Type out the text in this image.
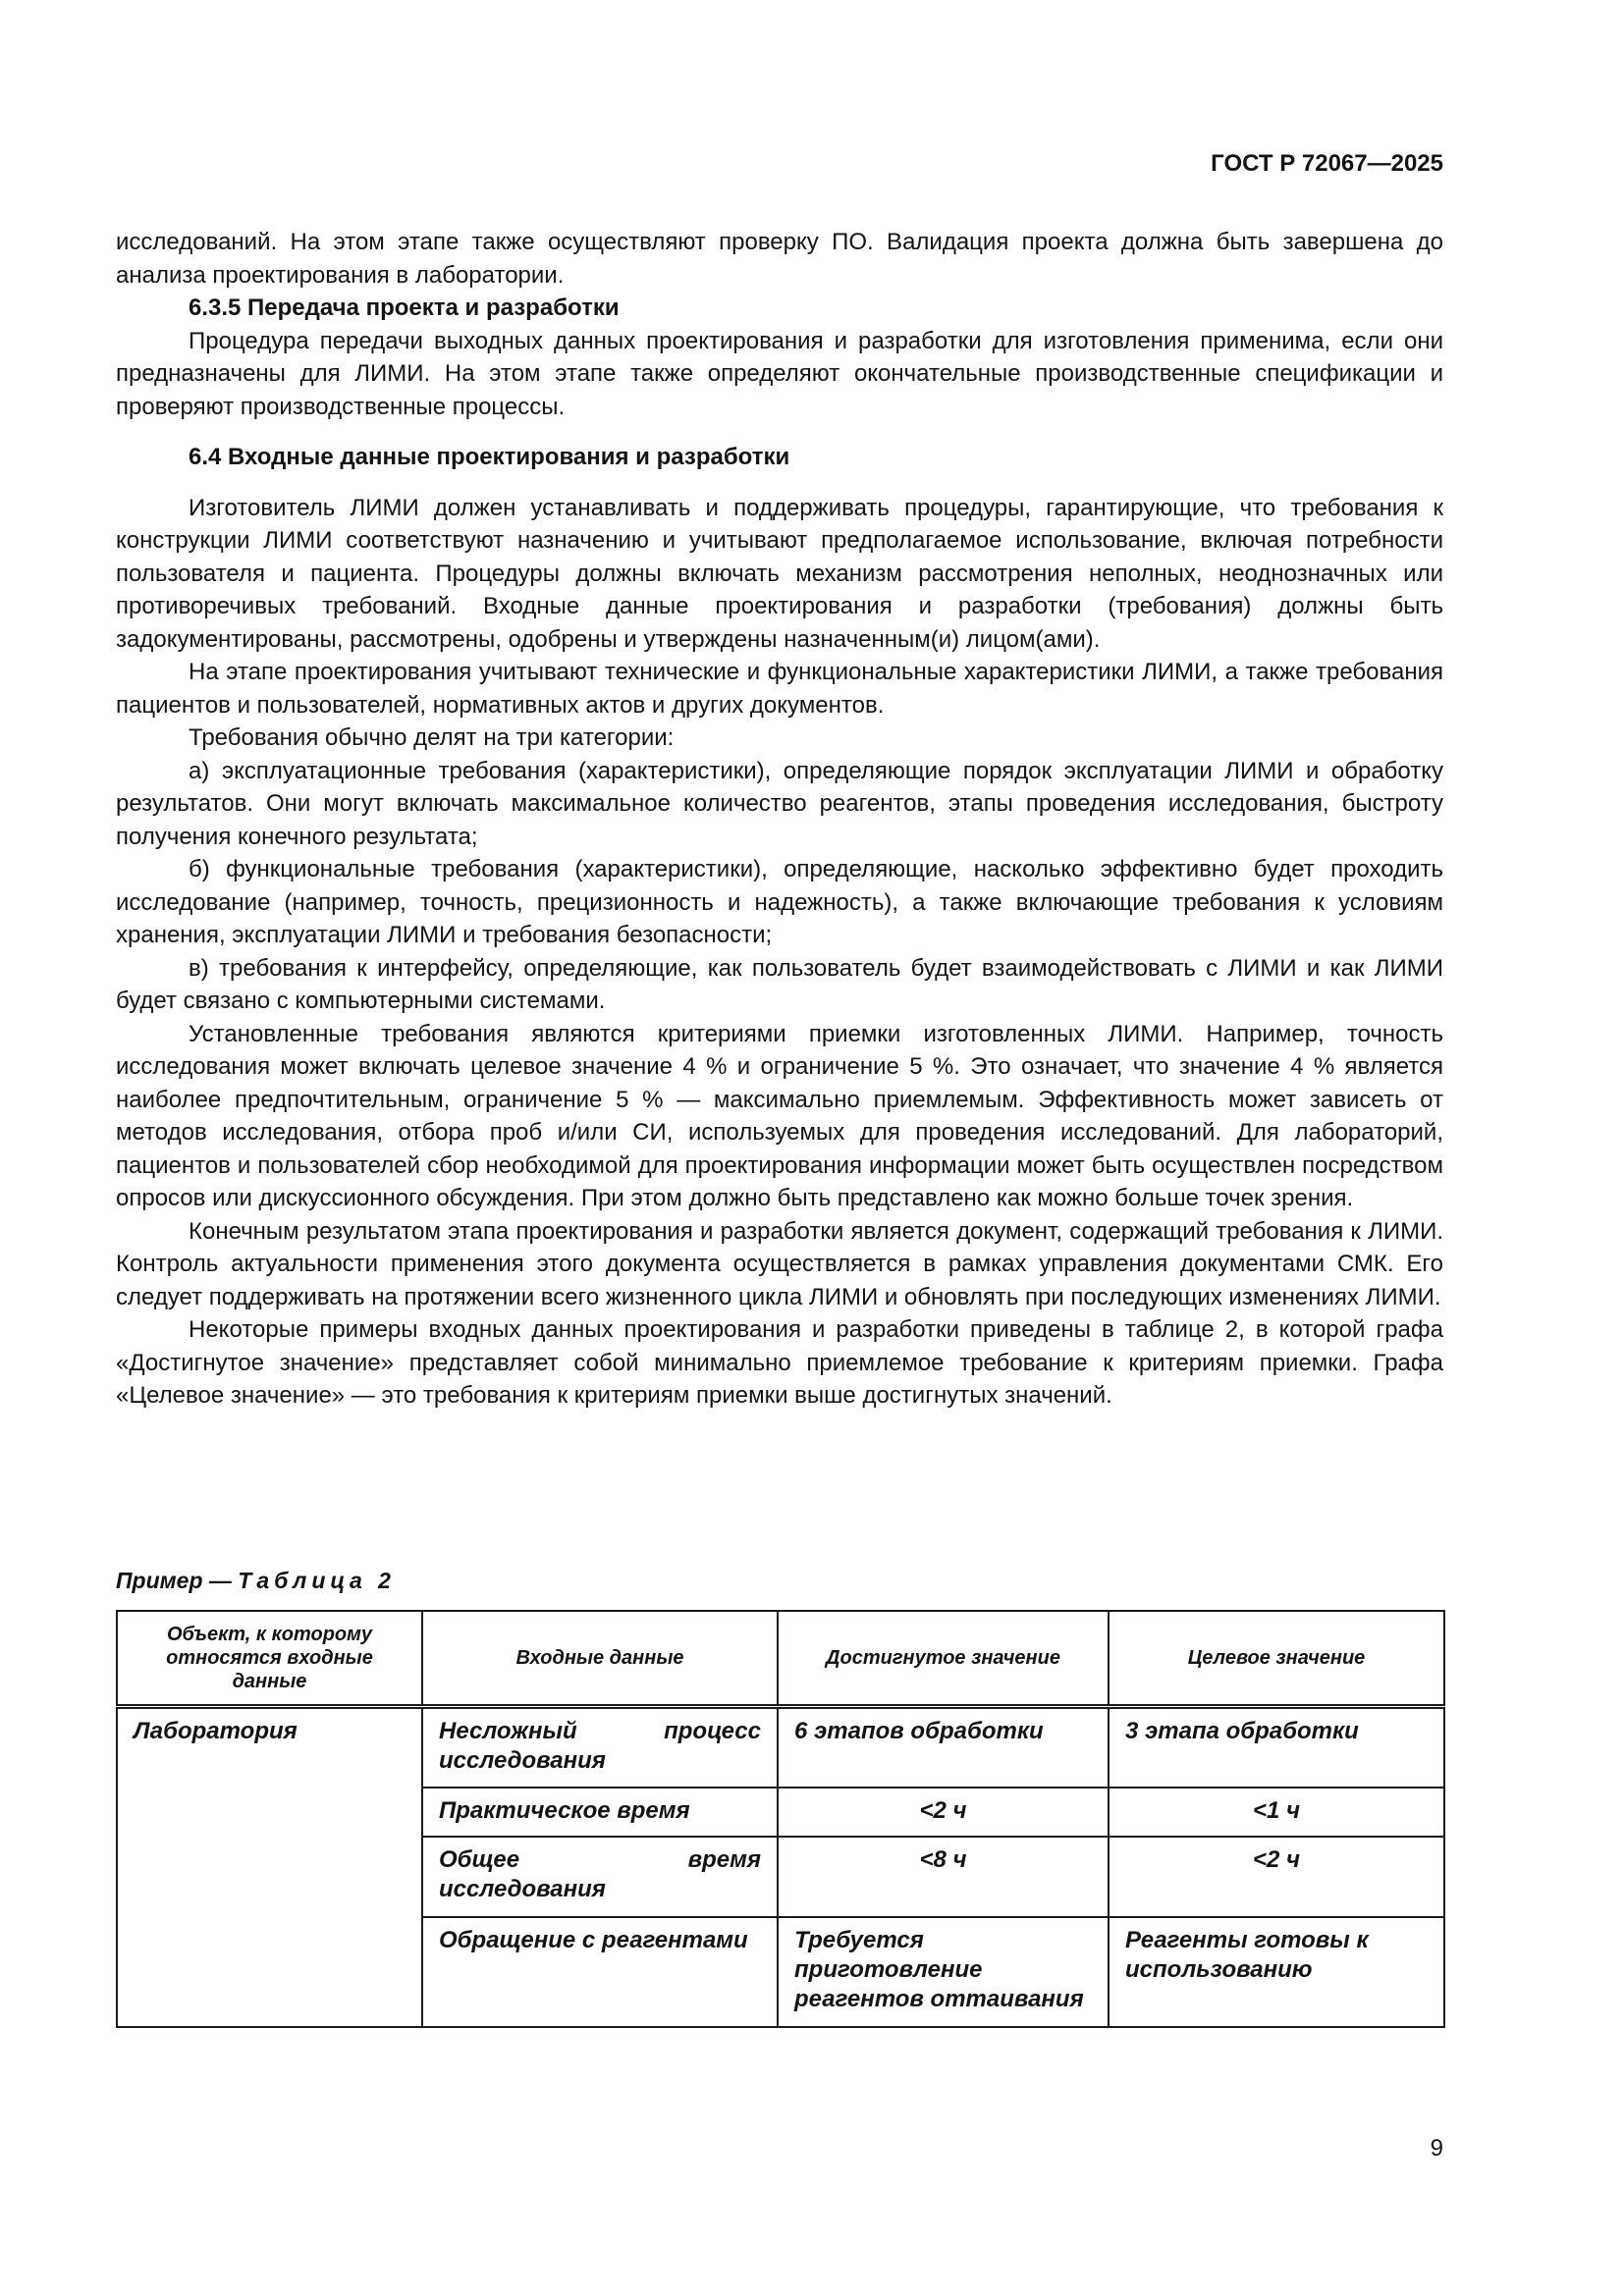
ГОСТ Р 72067—2025

исследований. На этом этапе также осуществляют проверку ПО. Валидация проекта должна быть завершена до анализа проектирования в лаборатории.

6.3.5 Передача проекта и разработки

Процедура передачи выходных данных проектирования и разработки для изготовления применима, если они предназначены для ЛИМИ. На этом этапе также определяют окончательные производственные спецификации и проверяют производственные процессы.

6.4 Входные данные проектирования и разработки

Изготовитель ЛИМИ должен устанавливать и поддерживать процедуры, гарантирующие, что требования к конструкции ЛИМИ соответствуют назначению и учитывают предполагаемое использование, включая потребности пользователя и пациента. Процедуры должны включать механизм рассмотрения неполных, неоднозначных или противоречивых требований. Входные данные проектирования и разработки (требования) должны быть задокументированы, рассмотрены, одобрены и утверждены назначенным(и) лицом(ами).

На этапе проектирования учитывают технические и функциональные характеристики ЛИМИ, а также требования пациентов и пользователей, нормативных актов и других документов.

Требования обычно делят на три категории:

а) эксплуатационные требования (характеристики), определяющие порядок эксплуатации ЛИМИ и обработку результатов. Они могут включать максимальное количество реагентов, этапы проведения исследования, быстроту получения конечного результата;

б) функциональные требования (характеристики), определяющие, насколько эффективно будет проходить исследование (например, точность, прецизионность и надежность), а также включающие требования к условиям хранения, эксплуатации ЛИМИ и требования безопасности;

в) требования к интерфейсу, определяющие, как пользователь будет взаимодействовать с ЛИМИ и как ЛИМИ будет связано с компьютерными системами.

Установленные требования являются критериями приемки изготовленных ЛИМИ. Например, точность исследования может включать целевое значение 4 % и ограничение 5 %. Это означает, что значение 4 % является наиболее предпочтительным, ограничение 5 % — максимально приемлемым. Эффективность может зависеть от методов исследования, отбора проб и/или СИ, используемых для проведения исследований. Для лабораторий, пациентов и пользователей сбор необходимой для проектирования информации может быть осуществлен посредством опросов или дискуссионного обсуждения. При этом должно быть представлено как можно больше точек зрения.

Конечным результатом этапа проектирования и разработки является документ, содержащий требования к ЛИМИ. Контроль актуальности применения этого документа осуществляется в рамках управления документами СМК. Его следует поддерживать на протяжении всего жизненного цикла ЛИМИ и обновлять при последующих изменениях ЛИМИ.

Некоторые примеры входных данных проектирования и разработки приведены в таблице 2, в которой графа «Достигнутое значение» представляет собой минимально приемлемое требование к критериям приемки. Графа «Целевое значение» — это требования к критериям приемки выше достигнутых значений.

Пример — Таблица 2
Объект, к которому относятся входные данные	Входные данные	Достигнутое значение	Целевое значение
Лаборатория	Несложный процесс исследования	6 этапов обработки	3 этапа обработки
	Практическое время	<2 ч	<1 ч
	Общее время исследования	<8 ч	<2 ч
	Обращение с реагентами	Требуется приготовление реагентов оттаивания	Реагенты готовы к использованию
9
